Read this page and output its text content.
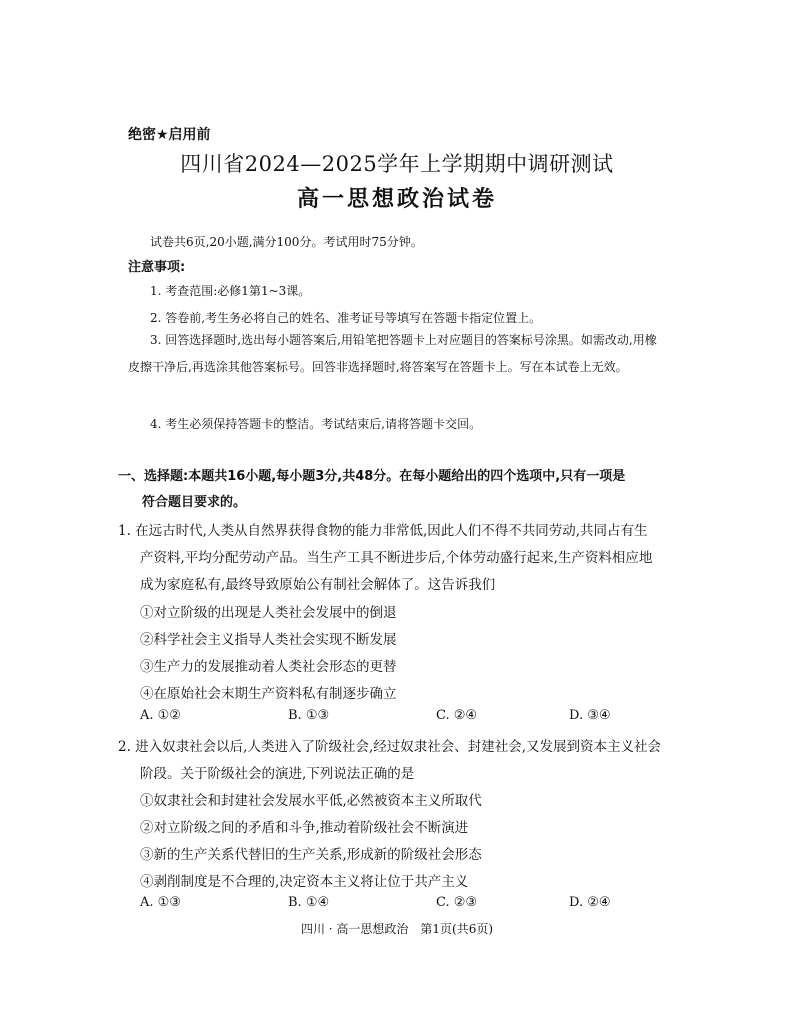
绝密★启用前
四川省2024—2025学年上学期期中调研测试
高一思想政治试卷
试卷共6页,20小题,满分100分。考试用时75分钟。
注意事项:
1. 考查范围:必修1第1~3课。
2. 答卷前,考生务必将自己的姓名、准考证号等填写在答题卡指定位置上。
3. 回答选择题时,选出每小题答案后,用铅笔把答题卡上对应题目的答案标号涂黑。如需改动,用橡皮擦干净后,再选涂其他答案标号。回答非选择题时,将答案写在答题卡上。写在本试卷上无效。
4. 考生必须保持答题卡的整洁。考试结束后,请将答题卡交回。
一、选择题:本题共16小题,每小题3分,共48分。在每小题给出的四个选项中,只有一项是
符合题目要求的。
1. 在远古时代,人类从自然界获得食物的能力非常低,因此人们不得不共同劳动,共同占有生
产资料,平均分配劳动产品。当生产工具不断进步后,个体劳动盛行起来,生产资料相应地
成为家庭私有,最终导致原始公有制社会解体了。这告诉我们
①对立阶级的出现是人类社会发展中的倒退
②科学社会主义指导人类社会实现不断发展
③生产力的发展推动着人类社会形态的更替
④在原始社会末期生产资料私有制逐步确立
A. ①②	B. ①③	C. ②④	D. ③④
2. 进入奴隶社会以后,人类进入了阶级社会,经过奴隶社会、封建社会,又发展到资本主义社会
阶段。关于阶级社会的演进,下列说法正确的是
①奴隶社会和封建社会发展水平低,必然被资本主义所取代
②对立阶级之间的矛盾和斗争,推动着阶级社会不断演进
③新的生产关系代替旧的生产关系,形成新的阶级社会形态
④剥削制度是不合理的,决定资本主义将让位于共产主义
A. ①③	B. ①④	C. ②③	D. ②④
四川 · 高一思想政治　第1页(共6页)
